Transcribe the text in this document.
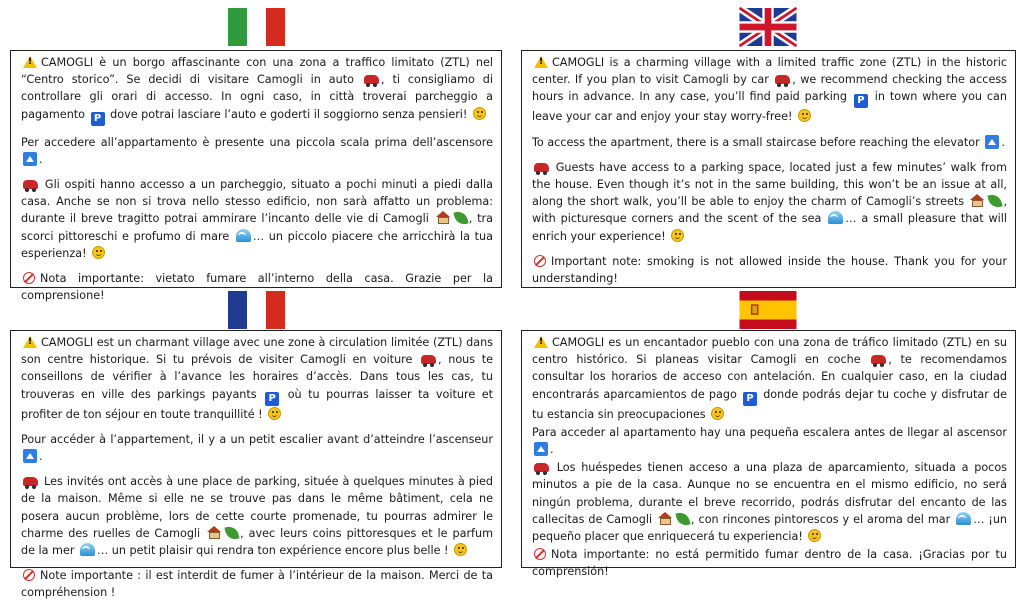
!CAMOGLI è un borgo affascinante con una zona a traffico limitato (ZTL) nel “Centro storico”. Se decidi di visitare Camogli in auto , ti consigliamo di controllare gli orari di accesso. In ogni caso, in città troverai parcheggio a pagamento P dove potrai lasciare l’auto e goderti il soggiorno senza pensieri!

Per accedere all’appartamento è presente una piccola scala prima dell’ascensore .

Gli ospiti hanno accesso a un parcheggio, situato a pochi minuti a piedi dalla casa. Anche se non si trova nello stesso edificio, non sarà affatto un problema: durante il breve tragitto potrai ammirare l’incanto delle vie di Camogli	, tra scorci pittoreschi e profumo di mare … un piccolo piacere che arricchirà la tua esperienza!

Nota importante: vietato fumare all’interno della casa. Grazie per la comprensione!

!CAMOGLI is a charming village with a limited traffic zone (ZTL) in the historic center. If you plan to visit Camogli by car , we recommend checking the access hours in advance. In any case, you’ll find paid parking P in town where you can leave your car and enjoy your stay worry-free!

To access the apartment, there is a small staircase before reaching the elevator .

Guests have access to a parking space, located just a few minutes’ walk from the house. Even though it’s not in the same building, this won’t be an issue at all, along the short walk, you’ll be able to enjoy the charm of Camogli’s streets	, with picturesque corners and the scent of the sea … a small pleasure that will enrich your experience!

Important note: smoking is not allowed inside the house. Thank you for your understanding!

!CAMOGLI est un charmant village avec une zone à circulation limitée (ZTL) dans son centre historique. Si tu prévois de visiter Camogli en voiture , nous te conseillons de vérifier à l’avance les horaires d’accès. Dans tous les cas, tu trouveras en ville des parkings payants P où tu pourras laisser ta voiture et profiter de ton séjour en toute tranquillité !

Pour accéder à l’appartement, il y a un petit escalier avant d’atteindre l’ascenseur .

Les invités ont accès à une place de parking, située à quelques minutes à pied de la maison. Même si elle ne se trouve pas dans le même bâtiment, cela ne posera aucun problème, lors de cette courte promenade, tu pourras admirer le charme des ruelles de Camogli	, avec leurs coins pittoresques et le parfum de la mer … un petit plaisir qui rendra ton expérience encore plus belle !

Note importante : il est interdit de fumer à l’intérieur de la maison. Merci de ta compréhension !

!CAMOGLI es un encantador pueblo con una zona de tráfico limitado (ZTL) en su centro histórico. Si planeas visitar Camogli en coche , te recomendamos consultar los horarios de acceso con antelación. En cualquier caso, en la ciudad encontrarás aparcamientos de pago P donde podrás dejar tu coche y disfrutar de tu estancia sin preocupaciones

Para acceder al apartamento hay una pequeña escalera antes de llegar al ascensor .

Los huéspedes tienen acceso a una plaza de aparcamiento, situada a pocos minutos a pie de la casa. Aunque no se encuentra en el mismo edificio, no será ningún problema, durante el breve recorrido, podrás disfrutar del encanto de las callecitas de Camogli	, con rincones pintorescos y el aroma del mar … ¡un pequeño placer que enriquecerá tu experiencia!

Nota importante: no está permitido fumar dentro de la casa. ¡Gracias por tu comprensión!
